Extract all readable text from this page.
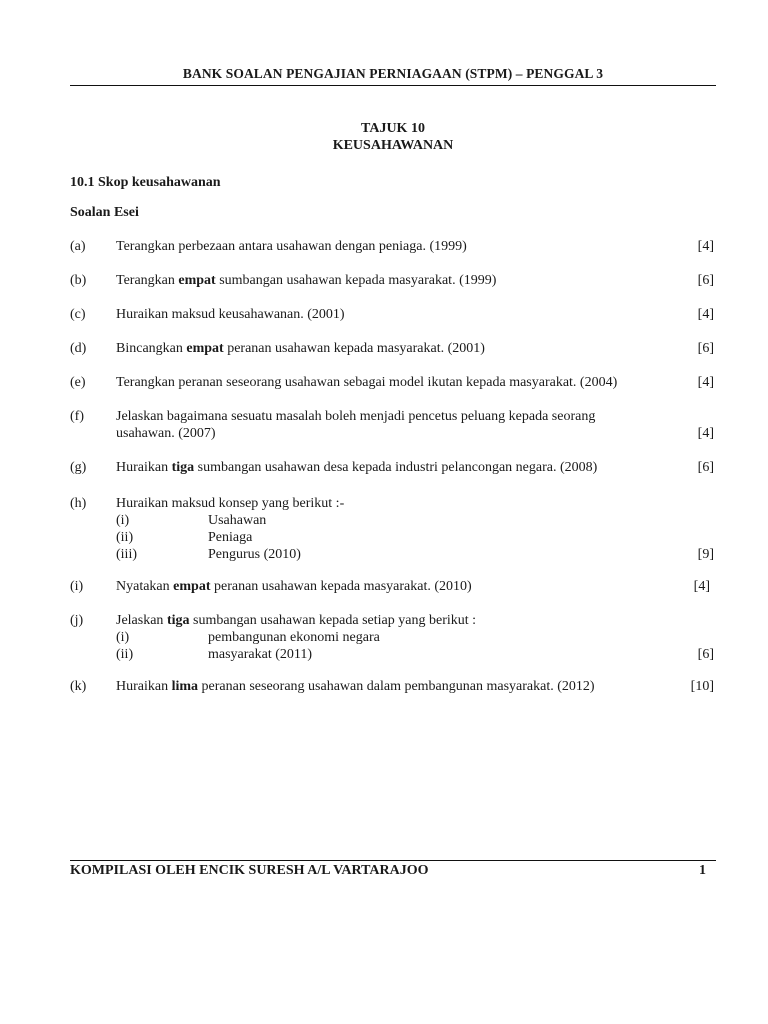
BANK SOALAN PENGAJIAN PERNIAGAAN (STPM) – PENGGAL 3
TAJUK 10
KEUSAHAWANAN
10.1 Skop keusahawanan
Soalan Esei
(a) Terangkan perbezaan antara usahawan dengan peniaga. (1999)	[4]
(b) Terangkan empat sumbangan usahawan kepada masyarakat. (1999)	[6]
(c) Huraikan maksud keusahawanan. (2001)	[4]
(d) Bincangkan empat peranan usahawan kepada masyarakat. (2001)	[6]
(e) Terangkan peranan seseorang usahawan sebagai model ikutan kepada masyarakat. (2004)	[4]
(f) Jelaskan bagaimana sesuatu masalah boleh menjadi pencetus peluang kepada seorang
usahawan. (2007)	[4]
(g) Huraikan tiga sumbangan usahawan desa kepada industri pelancongan negara. (2008)	[6]
(h) Huraikan maksud konsep yang berikut :-
(i)	Usahawan
(ii)	Peniaga
(iii)	Pengurus (2010)	[9]
(i) Nyatakan empat peranan usahawan kepada masyarakat. (2010)	[4]
(j) Jelaskan tiga sumbangan usahawan kepada setiap yang berikut :
(i)	pembangunan ekonomi negara
(ii)	masyarakat (2011)	[6]
(k) Huraikan lima peranan seseorang usahawan dalam pembangunan masyarakat. (2012)	[10]
KOMPILASI OLEH ENCIK SURESH A/L VARTARAJOO	1
